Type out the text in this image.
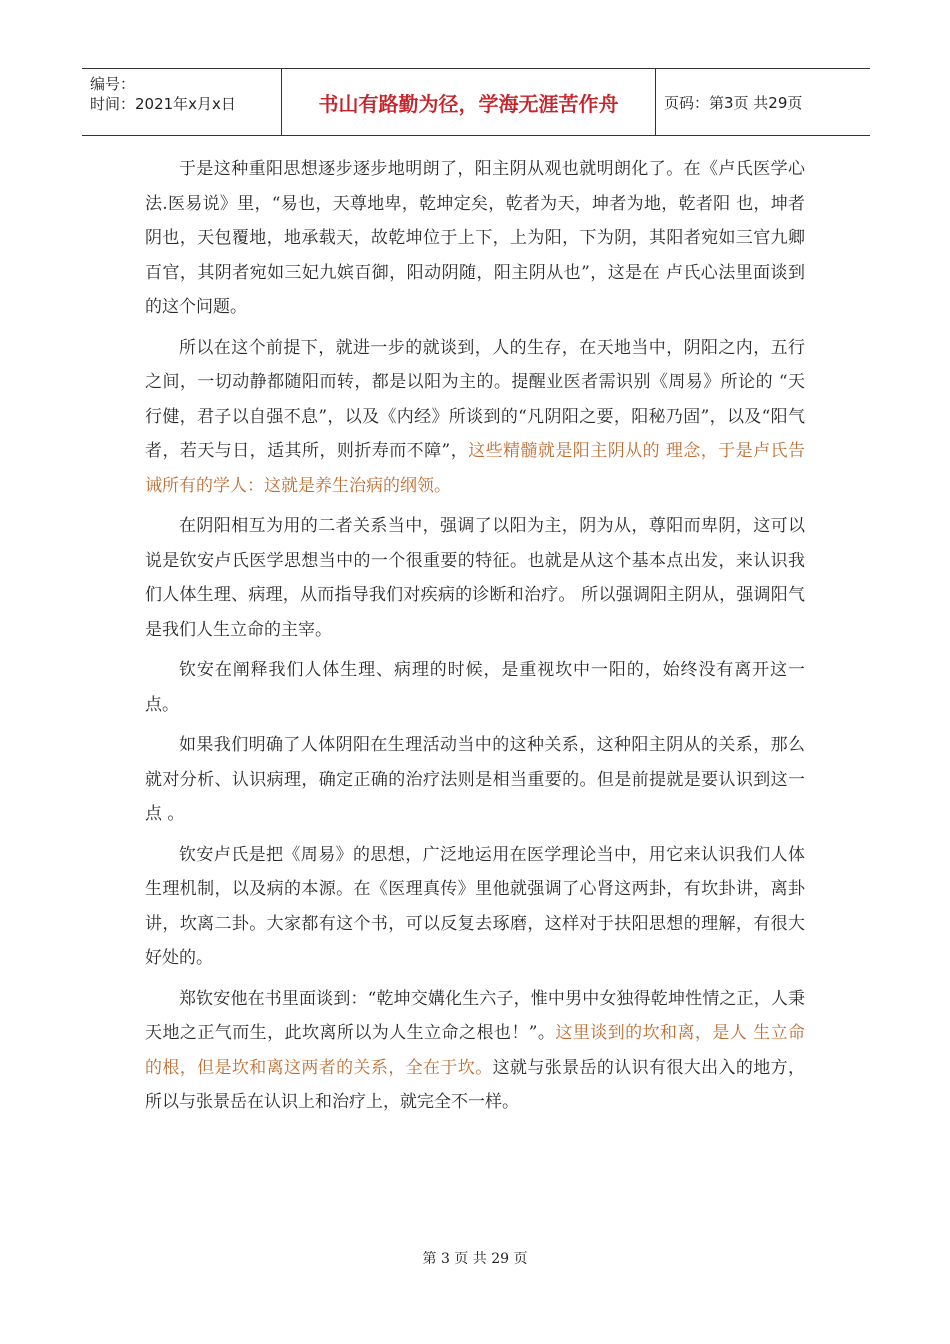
编号：
时间：2021年x月x日	书山有路勤为径，学海无涯苦作舟	页码：第3页 共29页

于是这种重阳思想逐步逐步地明朗了，阳主阴从观也就明朗化了。在《卢氏医学心法.医易说》里，“易也，天尊地卑，乾坤定矣，乾者为天，坤者为地，乾者阳 也，坤者阴也，天包覆地，地承载天，故乾坤位于上下，上为阳，下为阴，其阳者宛如三官九卿百官，其阴者宛如三妃九嫔百御，阳动阴随，阳主阴从也”，这是在 卢氏心法里面谈到的这个问题。

所以在这个前提下，就进一步的就谈到，人的生存，在天地当中，阴阳之内，五行之间，一切动静都随阳而转，都是以阳为主的。提醒业医者需识别《周易》所论的 “天行健，君子以自强不息”，以及《内经》所谈到的“凡阴阳之要，阳秘乃固”，以及“阳气者，若天与日，适其所，则折寿而不障”，这些精髓就是阳主阴从的 理念，于是卢氏告诫所有的学人：这就是养生治病的纲领。

在阴阳相互为用的二者关系当中，强调了以阳为主，阴为从，尊阳而卑阴，这可以说是钦安卢氏医学思想当中的一个很重要的特征。也就是从这个基本点出发，来认识我们人体生理、病理，从而指导我们对疾病的诊断和治疗。 所以强调阳主阴从，强调阳气是我们人生立命的主宰。

钦安在阐释我们人体生理、病理的时候，是重视坎中一阳的，始终没有离开这一点。

如果我们明确了人体阴阳在生理活动当中的这种关系，这种阳主阴从的关系，那么就对分析、认识病理，确定正确的治疗法则是相当重要的。但是前提就是要认识到这一点 。

钦安卢氏是把《周易》的思想，广泛地运用在医学理论当中，用它来认识我们人体生理机制，以及病的本源。在《医理真传》里他就强调了心肾这两卦，有坎卦讲，离卦讲，坎离二卦。大家都有这个书，可以反复去琢磨，这样对于扶阳思想的理解，有很大好处的。

郑钦安他在书里面谈到：“乾坤交媾化生六子，惟中男中女独得乾坤性情之正，人秉天地之正气而生，此坎离所以为人生立命之根也！”。这里谈到的坎和离，是人 生立命的根，但是坎和离这两者的关系，全在于坎。这就与张景岳的认识有很大出入的地方，所以与张景岳在认识上和治疗上，就完全不一样。

第 3 页 共 29 页
